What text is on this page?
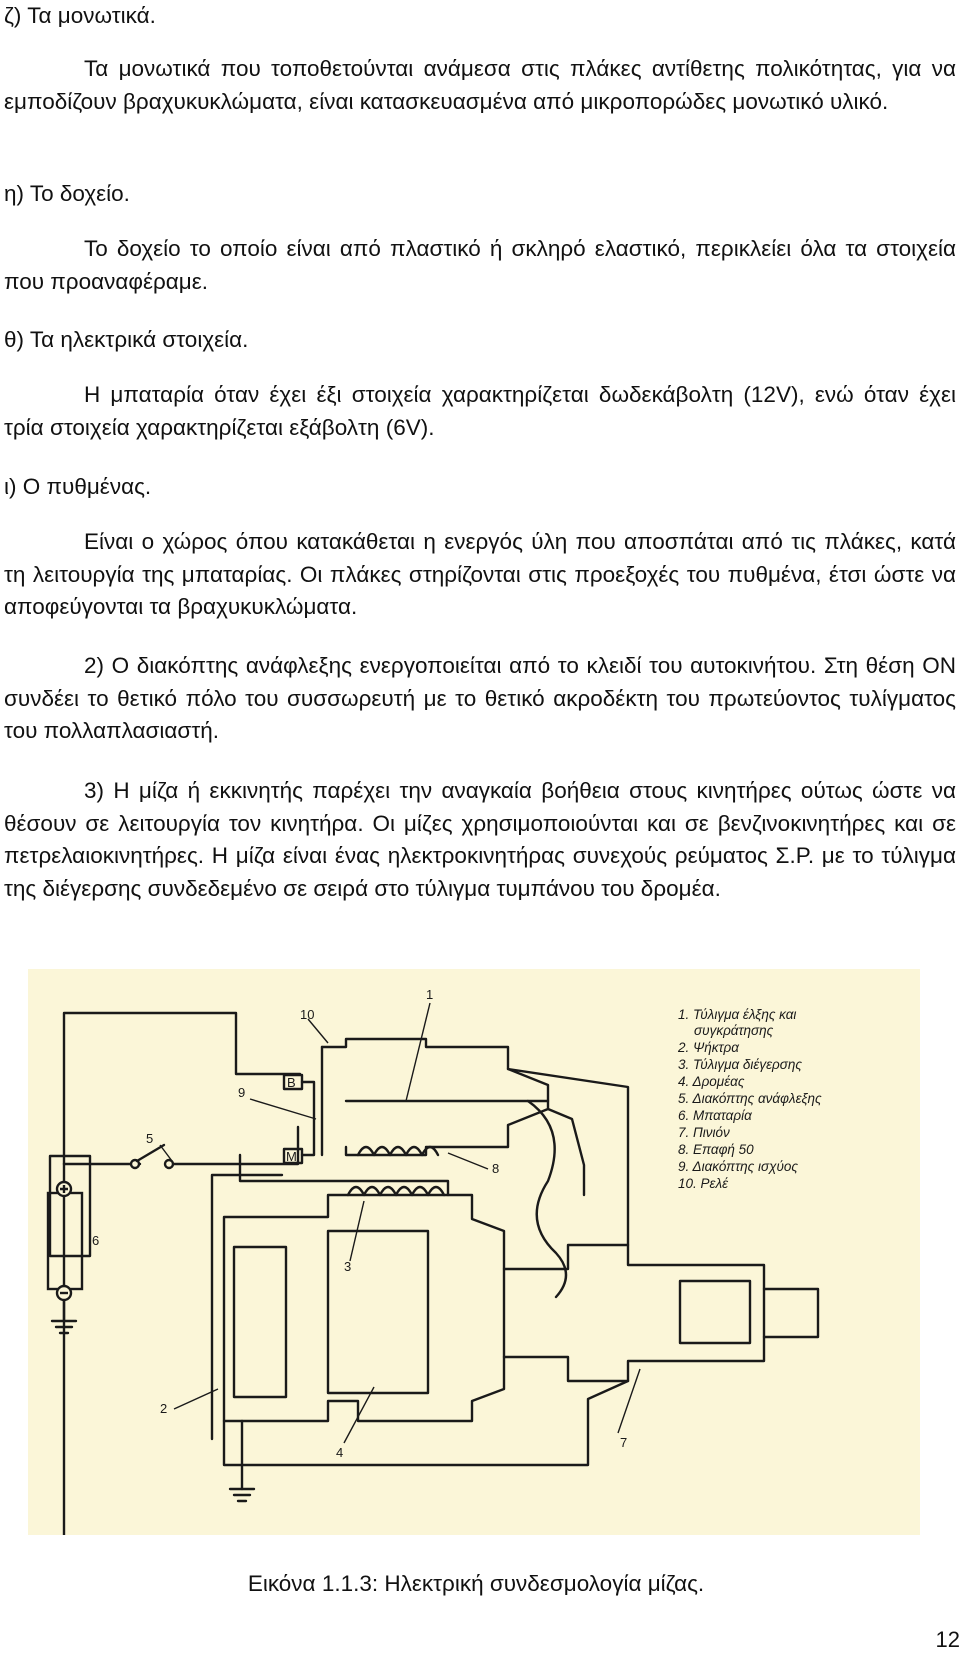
ζ) Τα μονωτικά.

Τα μονωτικά που τοποθετούνται ανάμεσα στις πλάκες αντίθετης πολικότητας, για να εμποδίζουν βραχυκυκλώματα, είναι κατασκευασμένα από μικροπορώδες μονωτικό υλικό.

η) Το δοχείο.

Το δοχείο το οποίο είναι από πλαστικό ή σκληρό ελαστικό, περικλείει όλα τα στοιχεία που προαναφέραμε.

θ) Τα ηλεκτρικά στοιχεία.

Η μπαταρία όταν έχει έξι στοιχεία χαρακτηρίζεται δωδεκάβολτη (12V), ενώ όταν έχει τρία στοιχεία χαρακτηρίζεται εξάβολτη (6V).

ι) Ο πυθμένας.

Είναι ο χώρος όπου κατακάθεται η ενεργός ύλη που αποσπάται από τις πλάκες, κατά τη λειτουργία της μπαταρίας. Οι πλάκες στηρίζονται στις προεξοχές του πυθμένα, έτσι ώστε να αποφεύγονται τα βραχυκυκλώματα.

2) Ο διακόπτης ανάφλεξης ενεργοποιείται από το κλειδί του αυτοκινήτου. Στη θέση ΟΝ συνδέει το θετικό πόλο του συσσωρευτή με το θετικό ακροδέκτη του πρωτεύοντος τυλίγματος του πολλαπλασιαστή.

3) Η μίζα ή εκκινητής παρέχει την αναγκαία βοήθεια στους κινητήρες ούτως ώστε να θέσουν σε λειτουργία τον κινητήρα. Οι μίζες χρησιμοποιούνται και σε βενζινοκινητήρες και σε πετρελαιοκινητήρες. Η μίζα είναι ένας ηλεκτροκινητήρας συνεχούς ρεύματος Σ.Ρ. με το τύλιγμα της διέγερσης συνδεδεμένο σε σειρά στο τύλιγμα τυμπάνου του δρομέα.

B
M
1
2
3
4
5
6
7
8
9
10	1. Τύλιγμα έλξης και
συγκράτησης
2. Ψήκτρα
3. Τύλιγμα διέγερσης
4. Δρομέας
5. Διακόπτης ανάφλεξης
6. Μπαταρία
7. Πινιόν
8. Επαφή 50
9. Διακόπτης ισχύος
10. Ρελέ

Εικόνα 1.1.3: Ηλεκτρική συνδεσμολογία μίζας.

12
